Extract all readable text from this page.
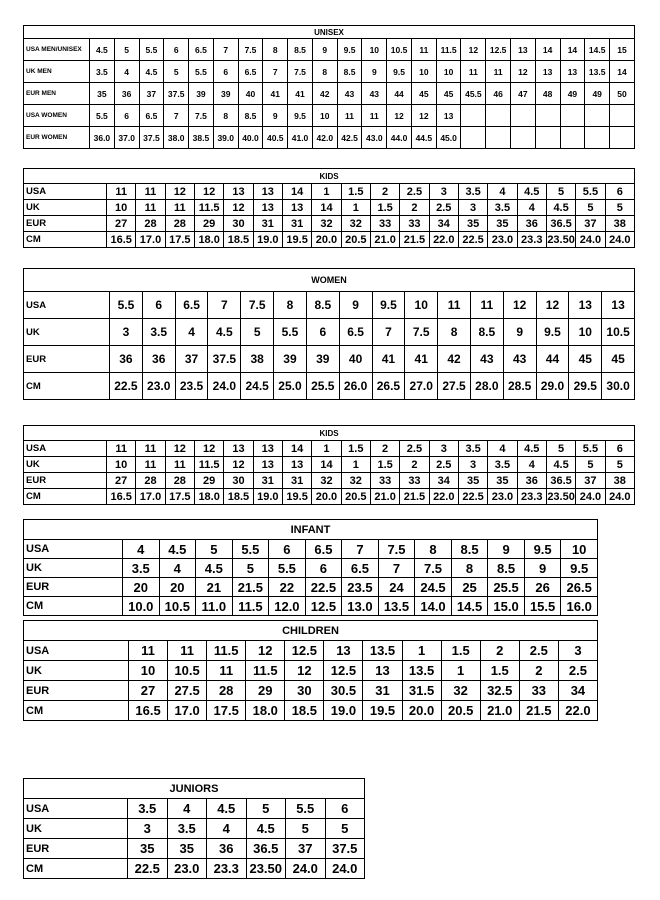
UNISEX																						
USA MEN/UNISEX	4.5	5	5.5	6	6.5	7	7.5	8	8.5	9	9.5	10	10.5	11	11.5	12	12.5	13	14	14	14.5	15
UK MEN	3.5	4	4.5	5	5.5	6	6.5	7	7.5	8	8.5	9	9.5	10	10	11	11	12	13	13	13.5	14
EUR MEN	35	36	37	37.5	39	39	40	41	41	42	43	43	44	45	45	45.5	46	47	48	49	49	50
USA WOMEN	5.5	6	6.5	7	7.5	8	8.5	9	9.5	10	11	11	12	12	13							
EUR WOMEN	36.0	37.0	37.5	38.0	38.5	39.0	40.0	40.5	41.0	42.0	42.5	43.0	44.0	44.5	45.0							
KIDS																		
USA	11	11	12	12	13	13	14	1	1.5	2	2.5	3	3.5	4	4.5	5	5.5	6
UK	10	11	11	11.5	12	13	13	14	1	1.5	2	2.5	3	3.5	4	4.5	5	5
EUR	27	28	28	29	30	31	31	32	32	33	33	34	35	35	36	36.5	37	38
CM	16.5	17.0	17.5	18.0	18.5	19.0	19.5	20.0	20.5	21.0	21.5	22.0	22.5	23.0	23.3	23.50	24.0	24.0
WOMEN																
USA	5.5	6	6.5	7	7.5	8	8.5	9	9.5	10	11	11	12	12	13	13
UK	3	3.5	4	4.5	5	5.5	6	6.5	7	7.5	8	8.5	9	9.5	10	10.5
EUR	36	36	37	37.5	38	39	39	40	41	41	42	43	43	44	45	45
CM	22.5	23.0	23.5	24.0	24.5	25.0	25.5	26.0	26.5	27.0	27.5	28.0	28.5	29.0	29.5	30.0
KIDS																		
USA	11	11	12	12	13	13	14	1	1.5	2	2.5	3	3.5	4	4.5	5	5.5	6
UK	10	11	11	11.5	12	13	13	14	1	1.5	2	2.5	3	3.5	4	4.5	5	5
EUR	27	28	28	29	30	31	31	32	32	33	33	34	35	35	36	36.5	37	38
CM	16.5	17.0	17.5	18.0	18.5	19.0	19.5	20.0	20.5	21.0	21.5	22.0	22.5	23.0	23.3	23.50	24.0	24.0
INFANT													
USA	4	4.5	5	5.5	6	6.5	7	7.5	8	8.5	9	9.5	10
UK	3.5	4	4.5	5	5.5	6	6.5	7	7.5	8	8.5	9	9.5
EUR	20	20	21	21.5	22	22.5	23.5	24	24.5	25	25.5	26	26.5
CM	10.0	10.5	11.0	11.5	12.0	12.5	13.0	13.5	14.0	14.5	15.0	15.5	16.0
CHILDREN												
USA	11	11	11.5	12	12.5	13	13.5	1	1.5	2	2.5	3
UK	10	10.5	11	11.5	12	12.5	13	13.5	1	1.5	2	2.5
EUR	27	27.5	28	29	30	30.5	31	31.5	32	32.5	33	34
CM	16.5	17.0	17.5	18.0	18.5	19.0	19.5	20.0	20.5	21.0	21.5	22.0
JUNIORS						
USA	3.5	4	4.5	5	5.5	6
UK	3	3.5	4	4.5	5	5
EUR	35	35	36	36.5	37	37.5
CM	22.5	23.0	23.3	23.50	24.0	24.0
